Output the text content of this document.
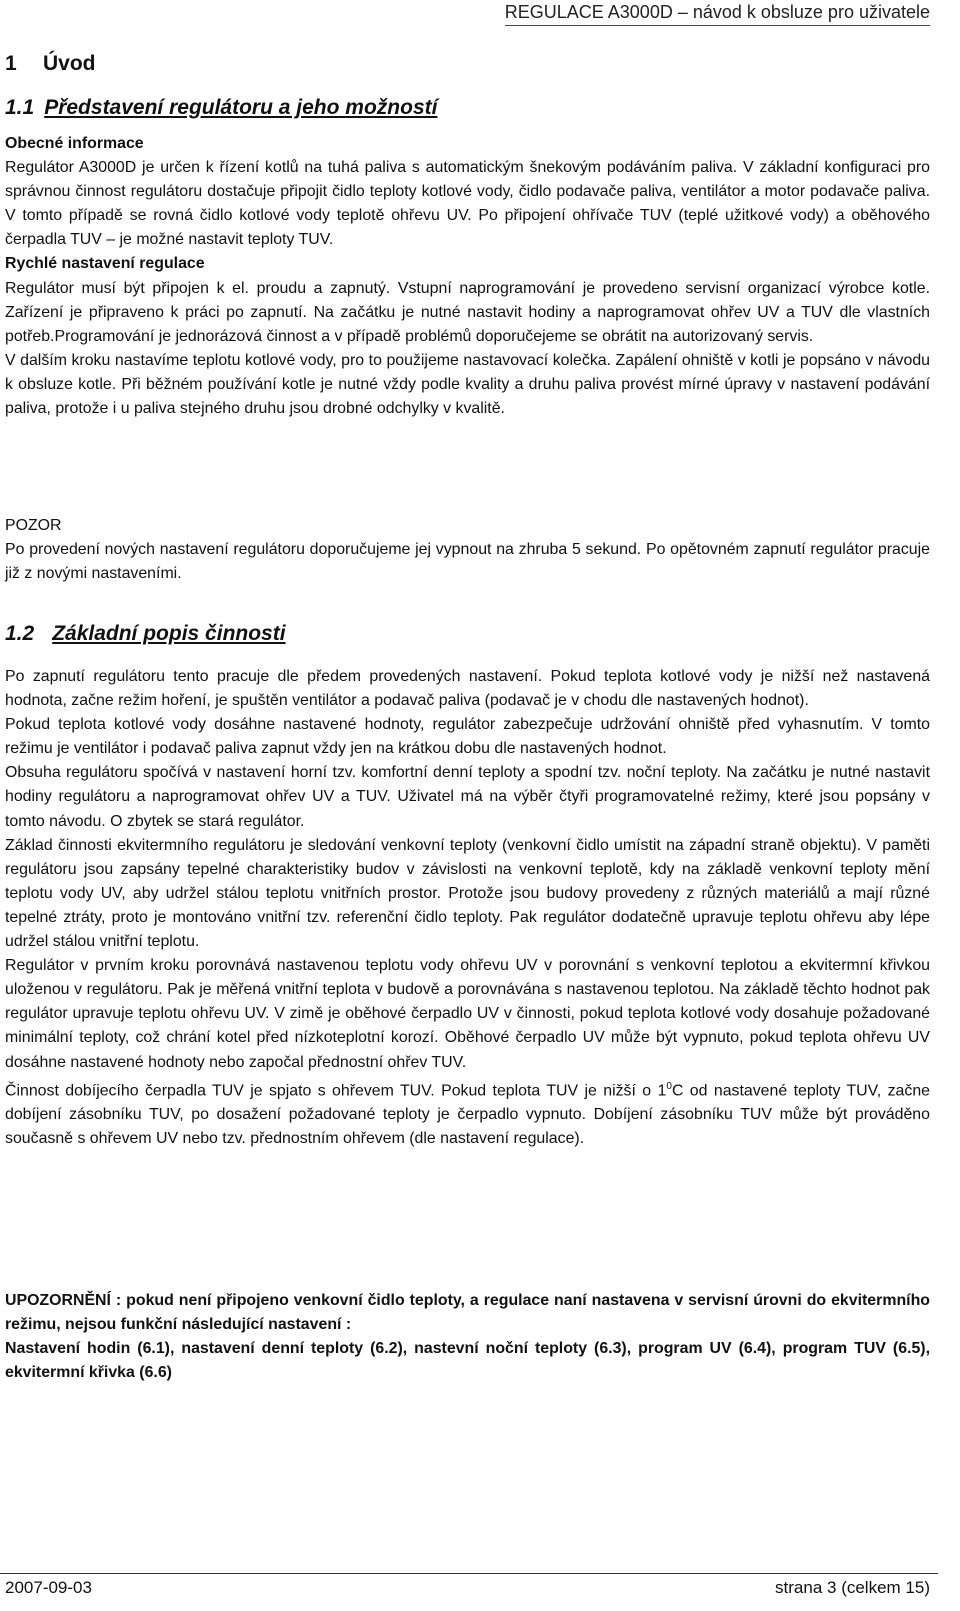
REGULACE A3000D – návod k obsluze pro uživatele
1 Úvod
1.1 Představení regulátoru a jeho možností

Obecné informace

Regulátor A3000D je určen k řízení kotlů na tuhá paliva s automatickým šnekovým podáváním paliva. V základní konfiguraci pro správnou činnost regulátoru dostačuje připojit čidlo teploty kotlové vody, čidlo podavače paliva, ventilátor a motor podavače paliva. V tomto případě se rovná čidlo kotlové vody teplotě ohřevu UV. Po připojení ohřívače TUV (teplé užitkové vody) a oběhového čerpadla TUV – je možné nastavit teploty TUV.

Rychlé nastavení regulace

Regulátor musí být připojen k el. proudu a zapnutý. Vstupní naprogramování je provedeno servisní organizací výrobce kotle. Zařízení je připraveno k práci po zapnutí. Na začátku je nutné nastavit hodiny a naprogramovat ohřev UV a TUV dle vlastních potřeb.Programování je jednorázová činnost a v případě problémů doporučejeme se obrátit na autorizovaný servis.

V dalším kroku nastavíme teplotu kotlové vody, pro to použijeme nastavovací kolečka. Zapálení ohniště v kotli je popsáno v návodu k obsluze kotle. Při běžném používání kotle je nutné vždy podle kvality a druhu paliva provést mírné úpravy v nastavení podávání paliva, protože i u paliva stejného druhu jsou drobné odchylky v kvalitě.

POZOR

Po provedení nových nastavení regulátoru doporučujeme jej vypnout na zhruba 5 sekund. Po opětovném zapnutí regulátor pracuje již z novými nastaveními.

1.2 Základní popis činnosti

Po zapnutí regulátoru tento pracuje dle předem provedených nastavení. Pokud teplota kotlové vody je nižší než nastavená hodnota, začne režim hoření, je spuštěn ventilátor a podavač paliva (podavač je v chodu dle nastavených hodnot).

Pokud teplota kotlové vody dosáhne nastavené hodnoty, regulátor zabezpečuje udržování ohniště před vyhasnutím. V tomto režimu je ventilátor i podavač paliva zapnut vždy jen na krátkou dobu dle nastavených hodnot.

Obsuha regulátoru spočívá v nastavení horní tzv. komfortní denní teploty a spodní tzv. noční teploty. Na začátku je nutné nastavit hodiny regulátoru a naprogramovat ohřev UV a TUV. Uživatel má na výběr čtyři programovatelné režimy, které jsou popsány v tomto návodu. O zbytek se stará regulátor.

Základ činnosti ekvitermního regulátoru je sledování venkovní teploty (venkovní čidlo umístit na západní straně objektu). V paměti regulátoru jsou zapsány tepelné charakteristiky budov v závislosti na venkovní teplotě, kdy na základě venkovní teploty mění teplotu vody UV, aby udržel stálou teplotu vnitřních prostor. Protože jsou budovy provedeny z různých materiálů a mají různé tepelné ztráty, proto je montováno vnitřní tzv. referenční čidlo teploty. Pak regulátor dodatečně upravuje teplotu ohřevu aby lépe udržel stálou vnitřní teplotu.

Regulátor v prvním kroku porovnává nastavenou teplotu vody ohřevu UV v porovnání s venkovní teplotou a ekvitermní křivkou uloženou v regulátoru. Pak je měřená vnitřní teplota v budově a porovnávána s nastavenou teplotou. Na základě těchto hodnot pak regulátor upravuje teplotu ohřevu UV. V zimě je oběhové čerpadlo UV v činnosti, pokud teplota kotlové vody dosahuje požadované minimální teploty, což chrání kotel před nízkoteplotní korozí. Oběhové čerpadlo UV může být vypnuto, pokud teplota ohřevu UV dosáhne nastavené hodnoty nebo započal přednostní ohřev TUV.

Činnost dobíjecího čerpadla TUV je spjato s ohřevem TUV. Pokud teplota TUV je nižší o $1^0C$ od nastavené teploty TUV, začne dobíjení zásobníku TUV, po dosažení požadované teploty je čerpadlo vypnuto. Dobíjení zásobníku TUV může být prováděno současně s ohřevem UV nebo tzv. přednostním ohřevem (dle nastavení regulace).

UPOZORNĚNÍ : pokud není připojeno venkovní čidlo teploty, a regulace naní nastavena v servisní úrovni do ekvitermního režimu, nejsou funkční následující nastavení :

Nastavení hodin (6.1), nastavení denní teploty (6.2), nastevní noční teploty (6.3), program UV (6.4), program TUV (6.5), ekvitermní křivka (6.6)

2007-09-03	strana 3 (celkem 15)
